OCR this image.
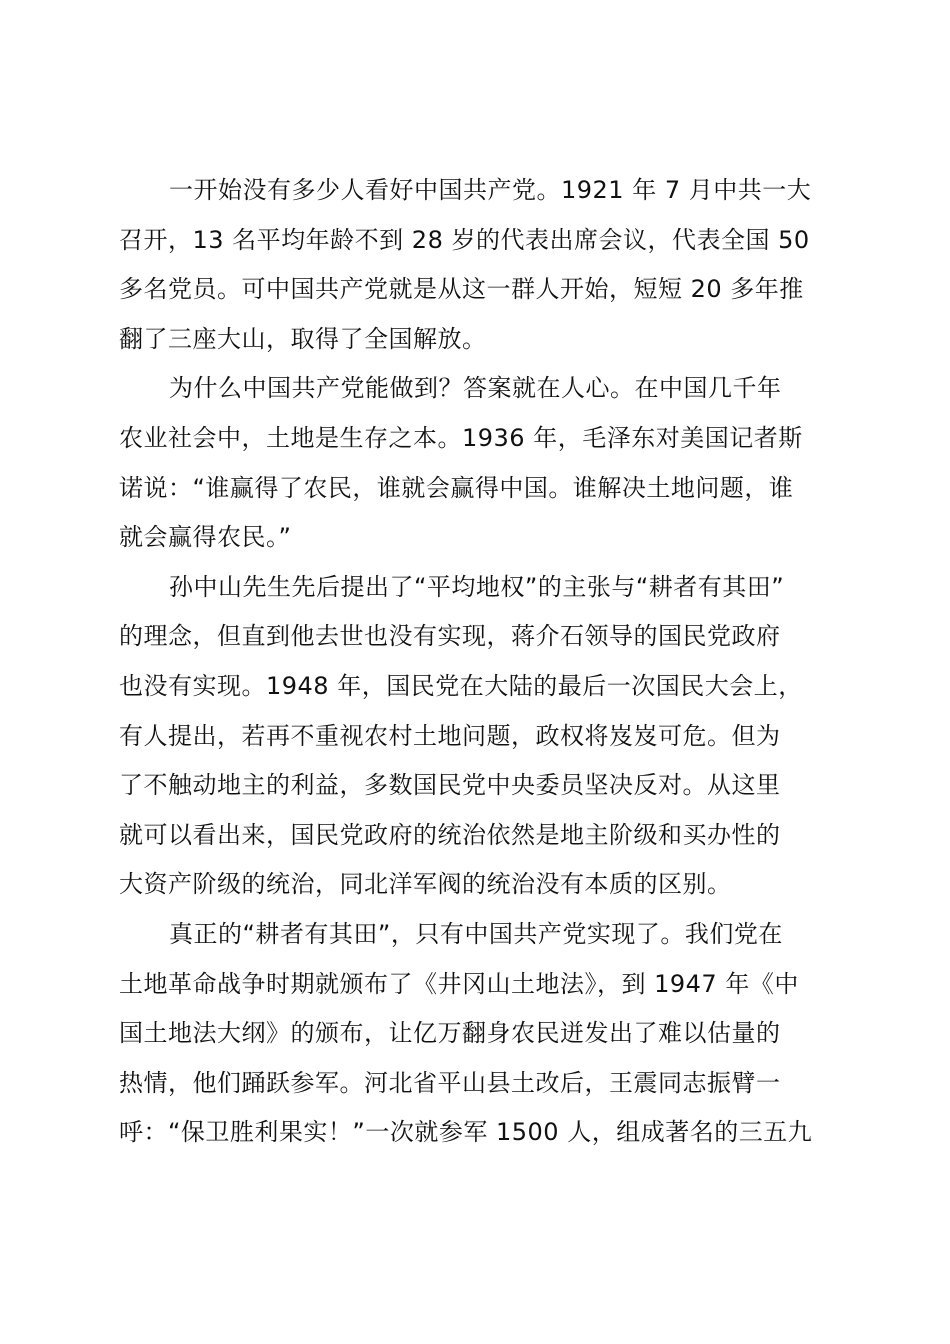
一开始没有多少人看好中国共产党。1921 年 7 月中共一大
召开，13 名平均年龄不到 28 岁的代表出席会议，代表全国 50
多名党员。可中国共产党就是从这一群人开始，短短 20 多年推
翻了三座大山，取得了全国解放。
为什么中国共产党能做到？答案就在人心。在中国几千年
农业社会中，土地是生存之本。1936 年，毛泽东对美国记者斯
诺说：“谁赢得了农民，谁就会赢得中国。谁解决土地问题，谁
就会赢得农民。”
孙中山先生先后提出了“平均地权”的主张与“耕者有其田”
的理念，但直到他去世也没有实现，蒋介石领导的国民党政府
也没有实现。1948 年，国民党在大陆的最后一次国民大会上，
有人提出，若再不重视农村土地问题，政权将岌岌可危。但为
了不触动地主的利益，多数国民党中央委员坚决反对。从这里
就可以看出来，国民党政府的统治依然是地主阶级和买办性的
大资产阶级的统治，同北洋军阀的统治没有本质的区别。
真正的“耕者有其田”，只有中国共产党实现了。我们党在
土地革命战争时期就颁布了《井冈山土地法》，到 1947 年《中
国土地法大纲》的颁布，让亿万翻身农民迸发出了难以估量的
热情，他们踊跃参军。河北省平山县土改后，王震同志振臂一
呼：“保卫胜利果实！”一次就参军 1500 人，组成著名的三五九
